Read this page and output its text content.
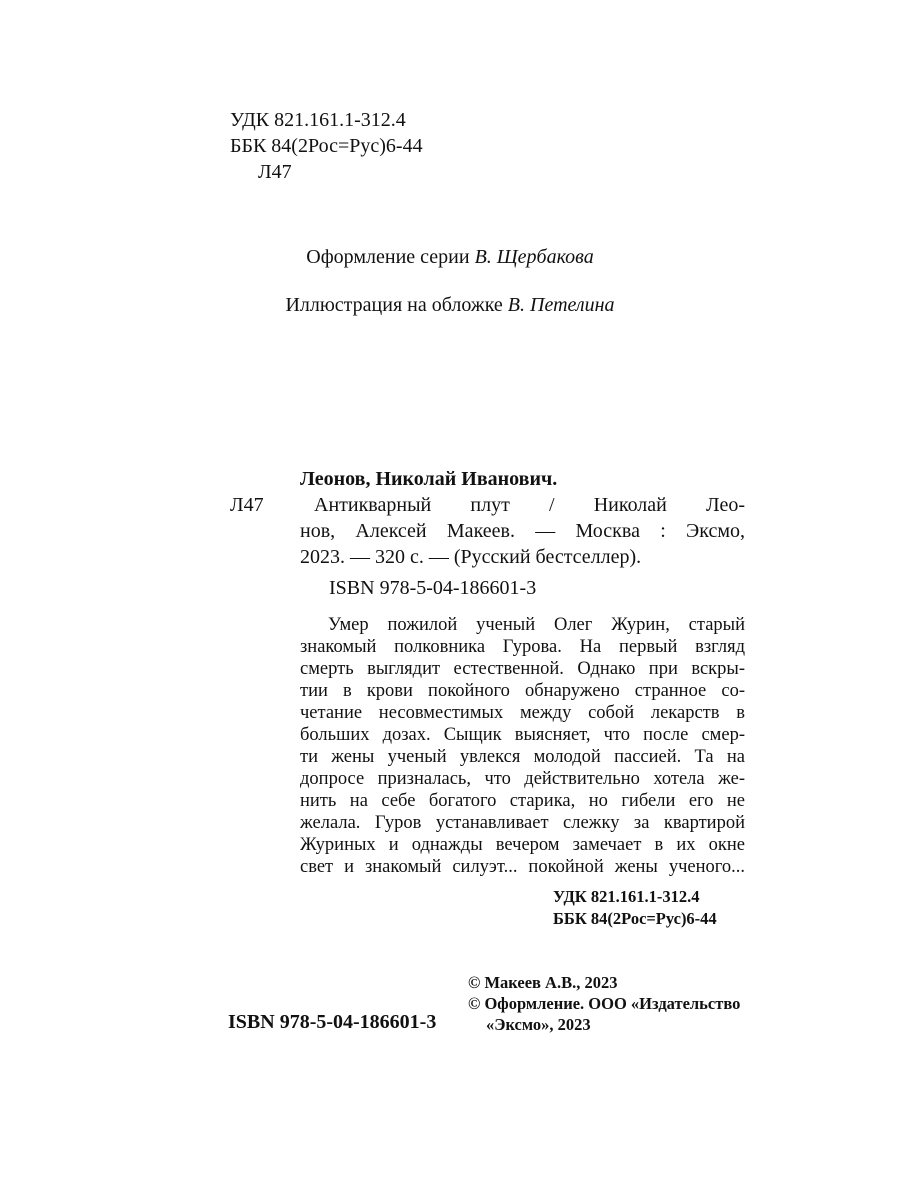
УДК 821.161.1-312.4
ББК 84(2Рос=Рус)6-44
Л47
Оформление серии В. Щербакова
Иллюстрация на обложке В. Петелина
Леонов, Николай Иванович.
Л47	Антикварный плут / Николай Лео-
нов, Алексей Макеев. — Москва : Эксмо,
2023. — 320 с. — (Русский бестселлер).
ISBN 978-5-04-186601-3
Умер пожилой ученый Олег Журин, старый
знакомый полковника Гурова. На первый взгляд
смерть выглядит естественной. Однако при вскры-
тии в крови покойного обнаружено странное со-
четание несовместимых между собой лекарств в
больших дозах. Сыщик выясняет, что после смер-
ти жены ученый увлекся молодой пассией. Та на
допросе призналась, что действительно хотела же-
нить на себе богатого старика, но гибели его не
желала. Гуров устанавливает слежку за квартирой
Журиных и однажды вечером замечает в их окне
свет и знакомый силуэт... покойной жены ученого...
УДК 821.161.1-312.4
ББК 84(2Рос=Рус)6-44
© Макеев А.В., 2023
© Оформление. ООО «Издательство
«Эксмо», 2023
ISBN 978-5-04-186601-3
